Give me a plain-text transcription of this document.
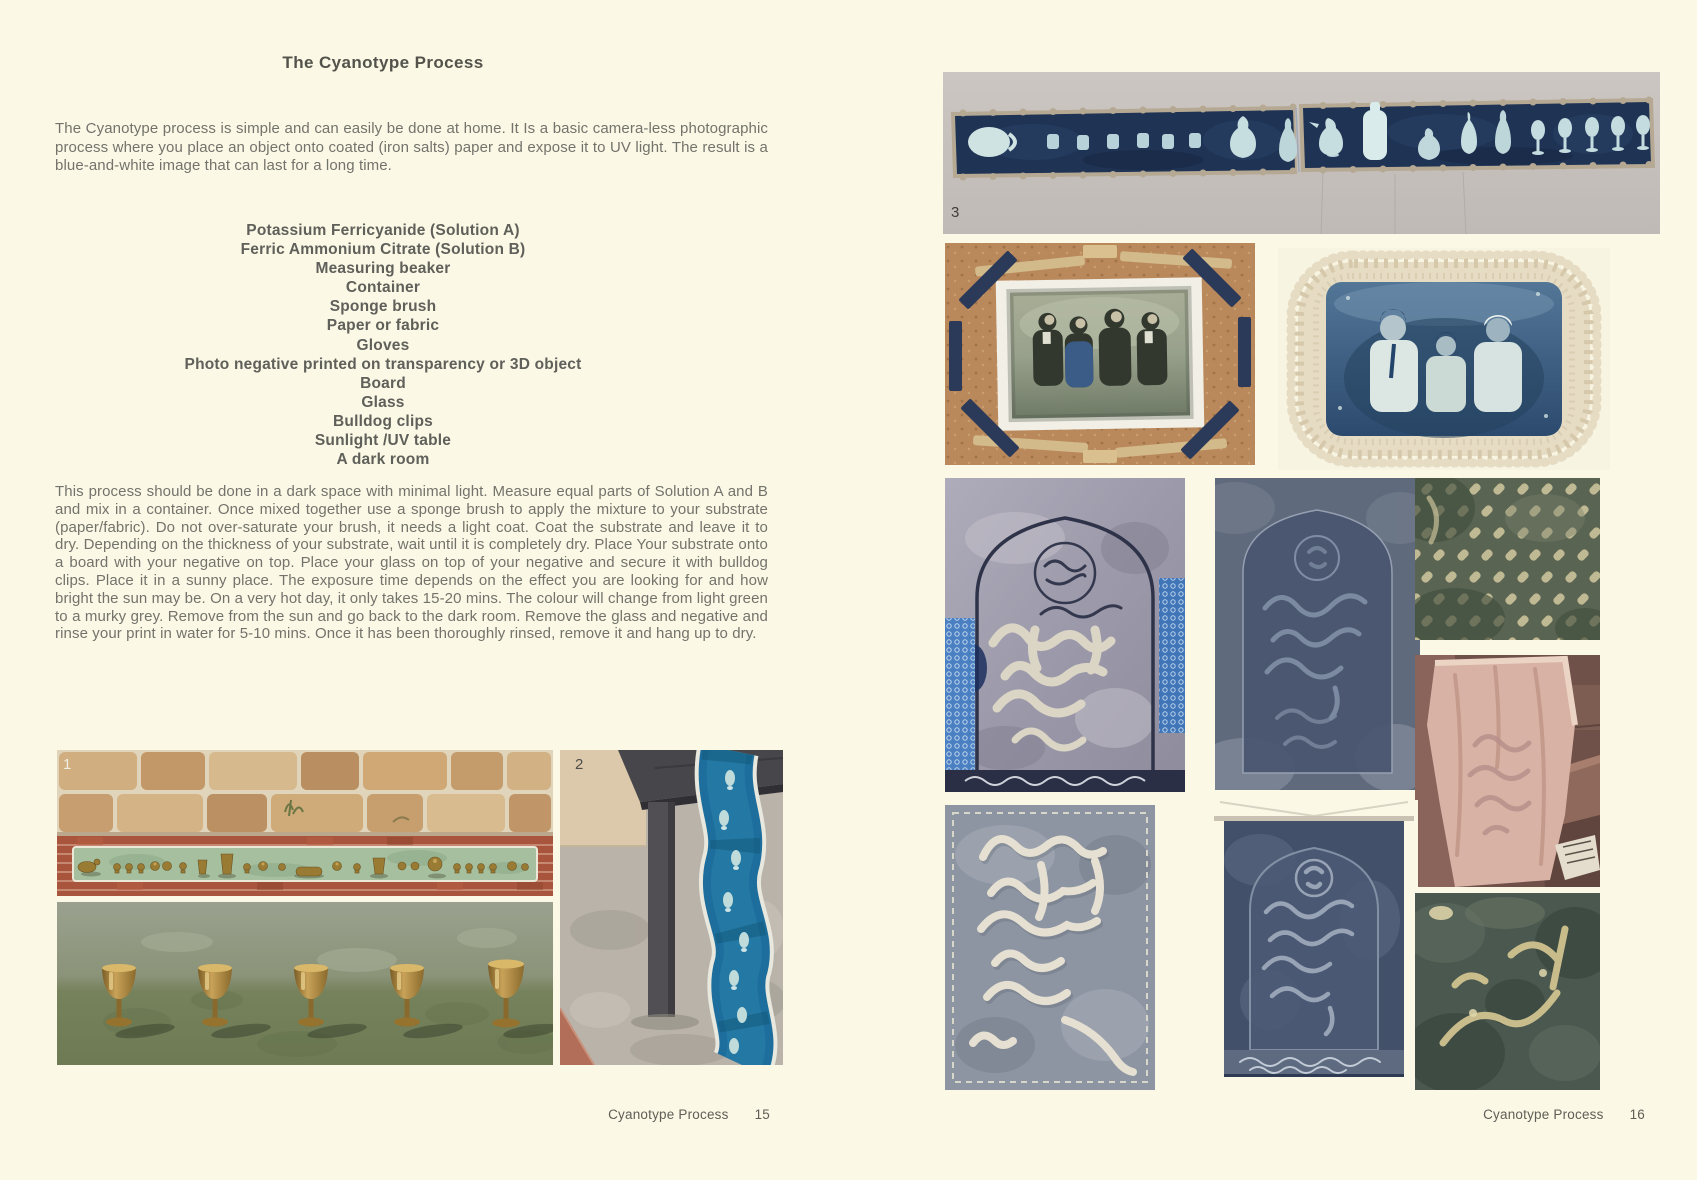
The Cyanotype Process
The Cyanotype process is simple and can easily be done at home. It Is a basic camera-less photographic process where you place an object onto coated (iron salts) paper and expose it to UV light. The result is a blue-and-white image that can last for a long time.
Potassium Ferricyanide (Solution A)
Ferric Ammonium Citrate (Solution B)
Measuring beaker
Container
Sponge brush
Paper or fabric
Gloves
Photo negative printed on transparency or 3D object
Board
Glass
Bulldog clips
Sunlight /UV table
A dark room
This process should be done in a dark space with minimal light. Measure equal parts of Solution A and B and mix in a container. Once mixed together use a sponge brush to apply the mixture to your substrate (paper/fabric). Do not over-saturate your brush, it needs a light coat. Coat the substrate and leave it to dry. Depending on the thickness of your substrate, wait until it is completely dry. Place Your substrate onto a board with your negative on top. Place your glass on top of your negative and secure it with bulldog clips. Place it in a sunny place. The exposure time depends on the effect you are looking for and how bright the sun may be. On a very hot day, it only takes 15-20 mins. The colour will change from light green to a murky grey. Remove from the sun and go back to the dark room. Remove the glass and negative and rinse your print in water for 5-10 mins. Once it has been thoroughly rinsed, remove it and hang up to dry.
1	2
Cyanotype Process 15
3
Cyanotype Process 16
